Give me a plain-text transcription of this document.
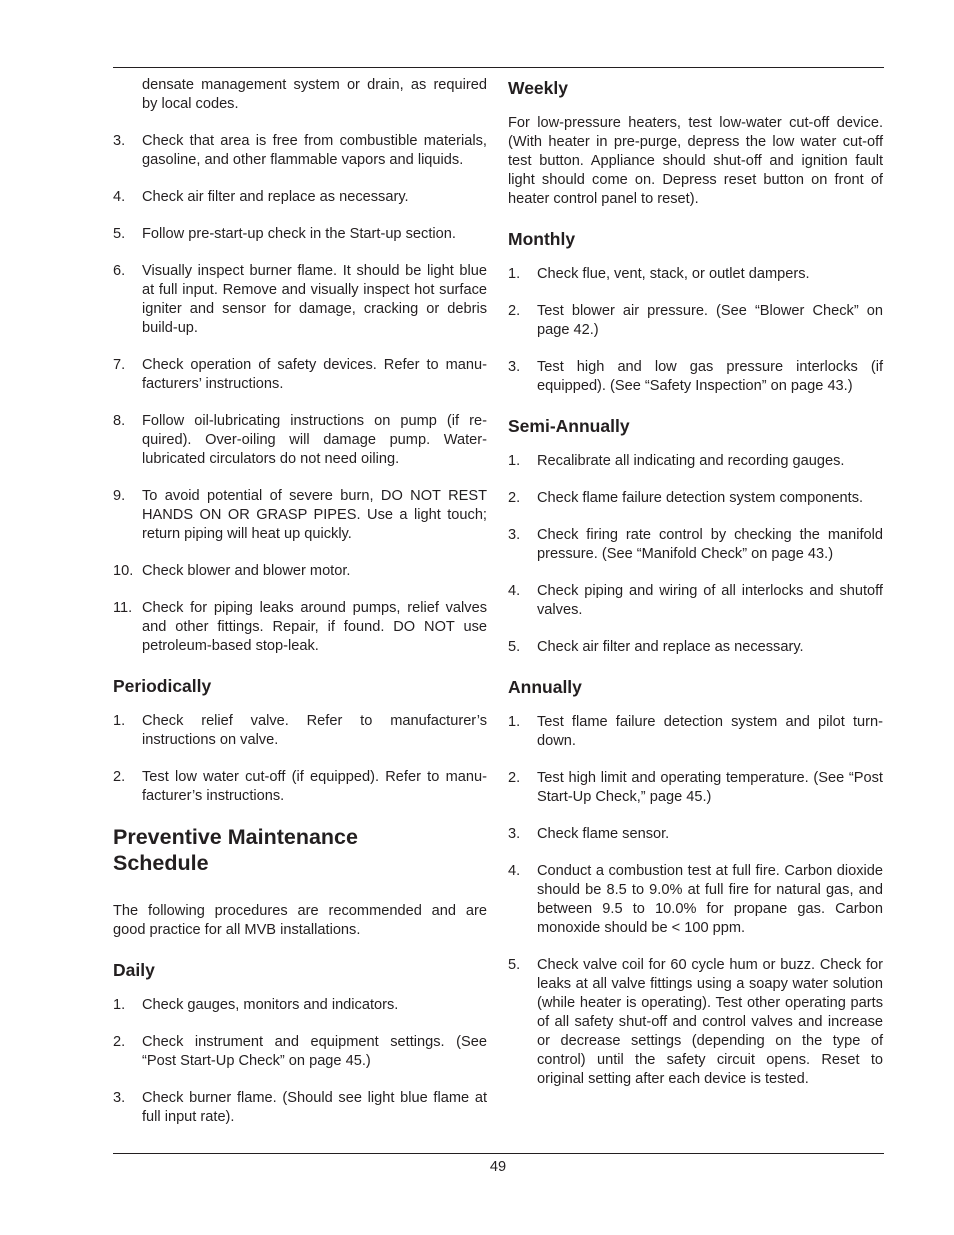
densate management system or drain, as required by local codes.

3.	Check that area is free from combustible materials, gasoline, and other flammable vapors and liquids.
4.	Check air filter and replace as necessary.
5.	Follow pre-start-up check in the Start-up section.
6.	Visually inspect burner flame. It should be light blue at full input. Remove and visually inspect hot surface igniter and sensor for damage, cracking or debris build-up.
7.	Check operation of safety devices. Refer to manufacturers’ instructions.
8.	Follow oil-lubricating instructions on pump (if required). Over-oiling will damage pump. Water-lubricated circulators do not need oiling.
9.	To avoid potential of severe burn, DO NOT REST HANDS ON OR GRASP PIPES. Use a light touch; return piping will heat up quickly.
10. Check blower and blower motor.
11. Check for piping leaks around pumps, relief valves and other fittings. Repair, if found. DO NOT use petroleum-based stop-leak.
Periodically
1.	Check relief valve. Refer to manufacturer’s instructions on valve.
2.	Test low water cut-off (if equipped). Refer to manufacturer’s instructions.
Preventive Maintenance
Schedule

The following procedures are recommended and are good practice for all MVB installations.

Daily
1.	Check gauges, monitors and indicators.
2.	Check instrument and equipment settings. (See “Post Start-Up Check” on page 45.)
3.	Check burner flame. (Should see light blue flame at full input rate).
Weekly

For low-pressure heaters, test low-water cut-off device. (With heater in pre-purge, depress the low water cut-off test button. Appliance should shut-off and ignition fault light should come on. Depress reset button on front of heater control panel to reset).

Monthly
1.	Check flue, vent, stack, or outlet dampers.
2.	Test blower air pressure. (See “Blower Check” on page 42.)
3.	Test high and low gas pressure interlocks (if equipped). (See “Safety Inspection” on page 43.)
Semi-Annually
1.	Recalibrate all indicating and recording gauges.
2.	Check flame failure detection system components.
3.	Check firing rate control by checking the manifold pressure. (See “Manifold Check” on page 43.)
4.	Check piping and wiring of all interlocks and shutoff valves.
5.	Check air filter and replace as necessary.
Annually
1.	Test flame failure detection system and pilot turndown.
2.	Test high limit and operating temperature. (See “Post Start-Up Check,” page 45.)
3.	Check flame sensor.
4.	Conduct a combustion test at full fire. Carbon dioxide should be 8.5 to 9.0% at full fire for natural gas, and between 9.5 to 10.0% for propane gas. Carbon monoxide should be < 100 ppm.
5.	Check valve coil for 60 cycle hum or buzz. Check for leaks at all valve fittings using a soapy water solution (while heater is operating). Test other operating parts of all safety shut-off and control valves and increase or decrease settings (depending on the type of control) until the safety circuit opens. Reset to original setting after each device is tested.
49
